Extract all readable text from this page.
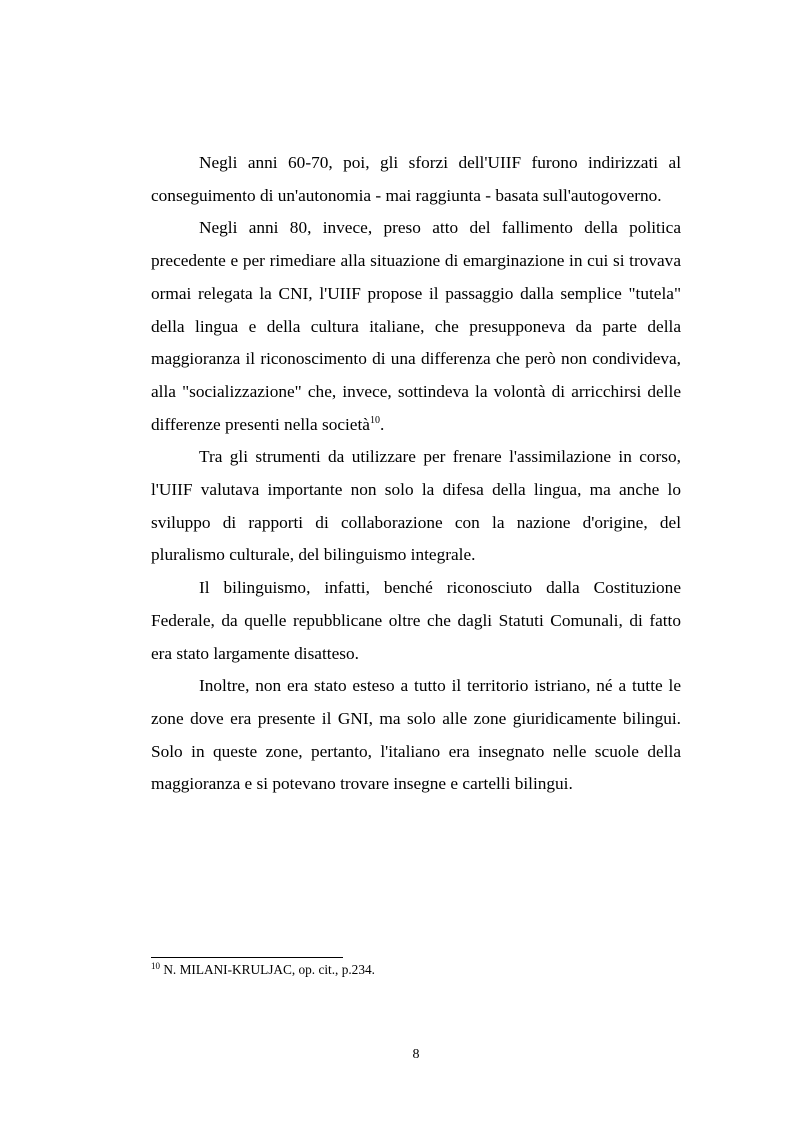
Negli anni 60-70, poi, gli sforzi dell'UIIF furono indirizzati al conseguimento di un'autonomia - mai raggiunta - basata sull'autogoverno.

Negli anni 80, invece, preso atto del fallimento della politica precedente e per rimediare alla situazione di emarginazione in cui si trovava ormai relegata la CNI, l'UIIF propose il passaggio dalla semplice "tutela" della lingua e della cultura italiane, che presupponeva da parte della maggioranza il riconoscimento di una differenza che però non condivideva, alla "socializzazione" che, invece, sottindeva la volontà di arricchirsi delle differenze presenti nella società$^{10}$.

Tra gli strumenti da utilizzare per frenare l'assimilazione in corso, l'UIIF valutava importante non solo la difesa della lingua, ma anche lo sviluppo di rapporti di collaborazione con la nazione d'origine, del pluralismo culturale, del bilinguismo integrale.

Il bilinguismo, infatti, benché riconosciuto dalla Costituzione Federale, da quelle repubblicane oltre che dagli Statuti Comunali, di fatto era stato largamente disatteso.

Inoltre, non era stato esteso a tutto il territorio istriano, né a tutte le zone dove era presente il GNI, ma solo alle zone giuridicamente bilingui. Solo in queste zone, pertanto, l'italiano era insegnato nelle scuole della maggioranza e si potevano trovare insegne e cartelli bilingui.

$^{10}$ N. MILANI-KRULJAC, op. cit., p.234.
8
